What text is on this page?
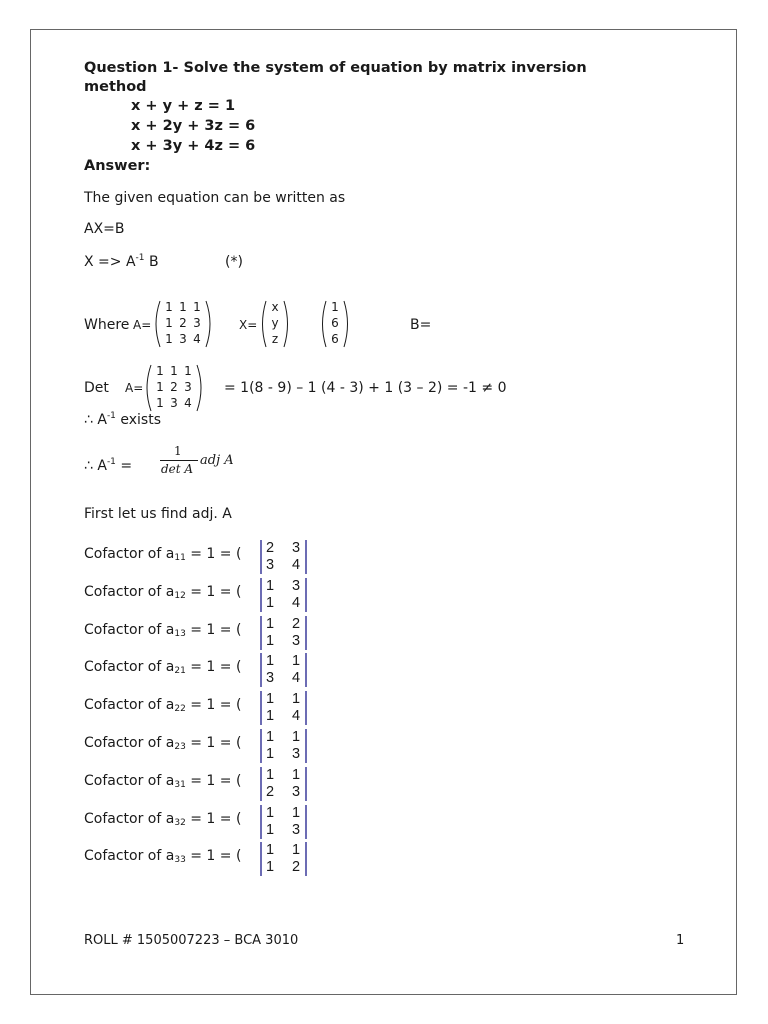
Question 1- Solve the system of equation by matrix inversion
method
x + y + z = 1
x + 2y + 3z = 6
x + 3y + 4z = 6
Answer:
The given equation can be written as
AX=B
$X => A^{-1}$ B	(*)
Where A=
1 1 1
1 2 3
1 3 4
X=
x
y
z
1
6
6
B=
Det A=
1 1 1
1 2 3
1 3 4
= 1(8 - 9) – 1 (4 - 3) + 1 (3 – 2) = -1 ≠ 0
∴ $A^{-1}$ exists
∴ $A^{-1}$ =
1
det A
adj A
First let us find adj. A
Cofactor of $a_{11} = 1$ = ( 2 3
3 4
Cofactor of $a_{12} = 1$ = ( 1 3
1 4
Cofactor of $a_{13} = 1$ = ( 1 2
1 3
Cofactor of $a_{21} = 1$ = ( 1 1
3 4
Cofactor of $a_{22} = 1$ = ( 1 1
1 4
Cofactor of $a_{23} = 1$ = ( 1 1
1 3
Cofactor of $a_{31} = 1$ = ( 1 1
2 3
Cofactor of $a_{32} = 1$ = ( 1 1
1 3
Cofactor of $a_{33} = 1$ = ( 1 1
1 2
ROLL # 1505007223 – BCA 3010	1
